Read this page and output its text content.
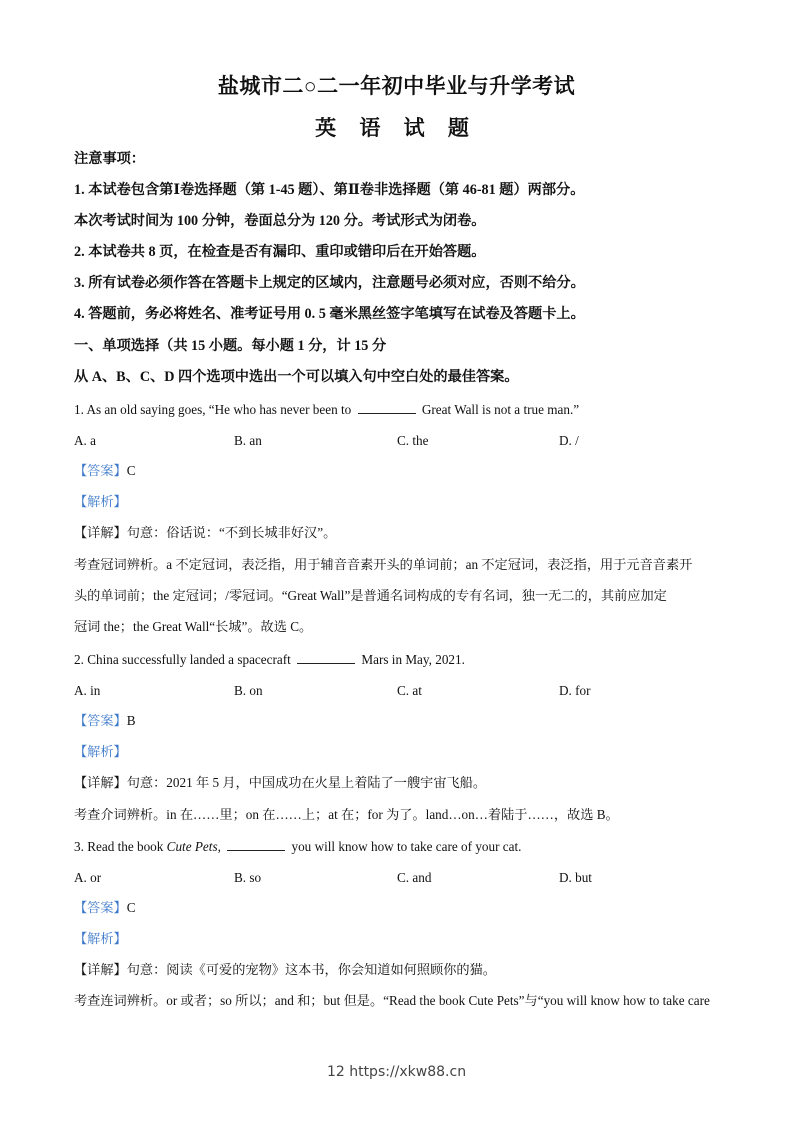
盐城市二○二一年初中毕业与升学考试
英 语 试 题
注意事项：
1. 本试卷包含第Ⅰ卷选择题（第 1-45 题）、第Ⅱ卷非选择题（第 46-81 题）两部分。
本次考试时间为 100 分钟，卷面总分为 120 分。考试形式为闭卷。
2. 本试卷共 8 页，在检查是否有漏印、重印或错印后在开始答题。
3. 所有试卷必须作答在答题卡上规定的区域内，注意题号必须对应，否则不给分。
4. 答题前，务必将姓名、准考证号用 0. 5 毫米黑丝签字笔填写在试卷及答题卡上。
一、单项选择（共 15 小题。每小题 1 分，计 15 分
从 A、B、C、D 四个选项中选出一个可以填入句中空白处的最佳答案。
1. As an old saying goes, “He who has never been to	Great Wall is not a true man.”
A. a	B. an	C. the	D. /
【答案】C
【解析】
【详解】句意：俗话说：“不到长城非好汉”。
考查冠词辨析。a 不定冠词，表泛指，用于辅音音素开头的单词前；an 不定冠词，表泛指，用于元音音素开
头的单词前；the 定冠词；/零冠词。“Great Wall”是普通名词构成的专有名词，独一无二的，其前应加定
冠词 the；the Great Wall“长城”。故选 C。
2. China successfully landed a spacecraft	Mars in May, 2021.
A. in	B. on	C. at	D. for
【答案】B
【解析】
【详解】句意：2021 年 5 月，中国成功在火星上着陆了一艘宇宙飞船。
考查介词辨析。in 在……里；on 在……上；at 在；for 为了。land…on…着陆于……，故选 B。
3. Read the book Cute Pets,	you will know how to take care of your cat.
A. or	B. so	C. and	D. but
【答案】C
【解析】
【详解】句意：阅读《可爱的宠物》这本书，你会知道如何照顾你的猫。
考查连词辨析。or 或者；so 所以；and 和；but 但是。“Read the book Cute Pets”与“you will know how to take care
12 https://xkw88.cn
